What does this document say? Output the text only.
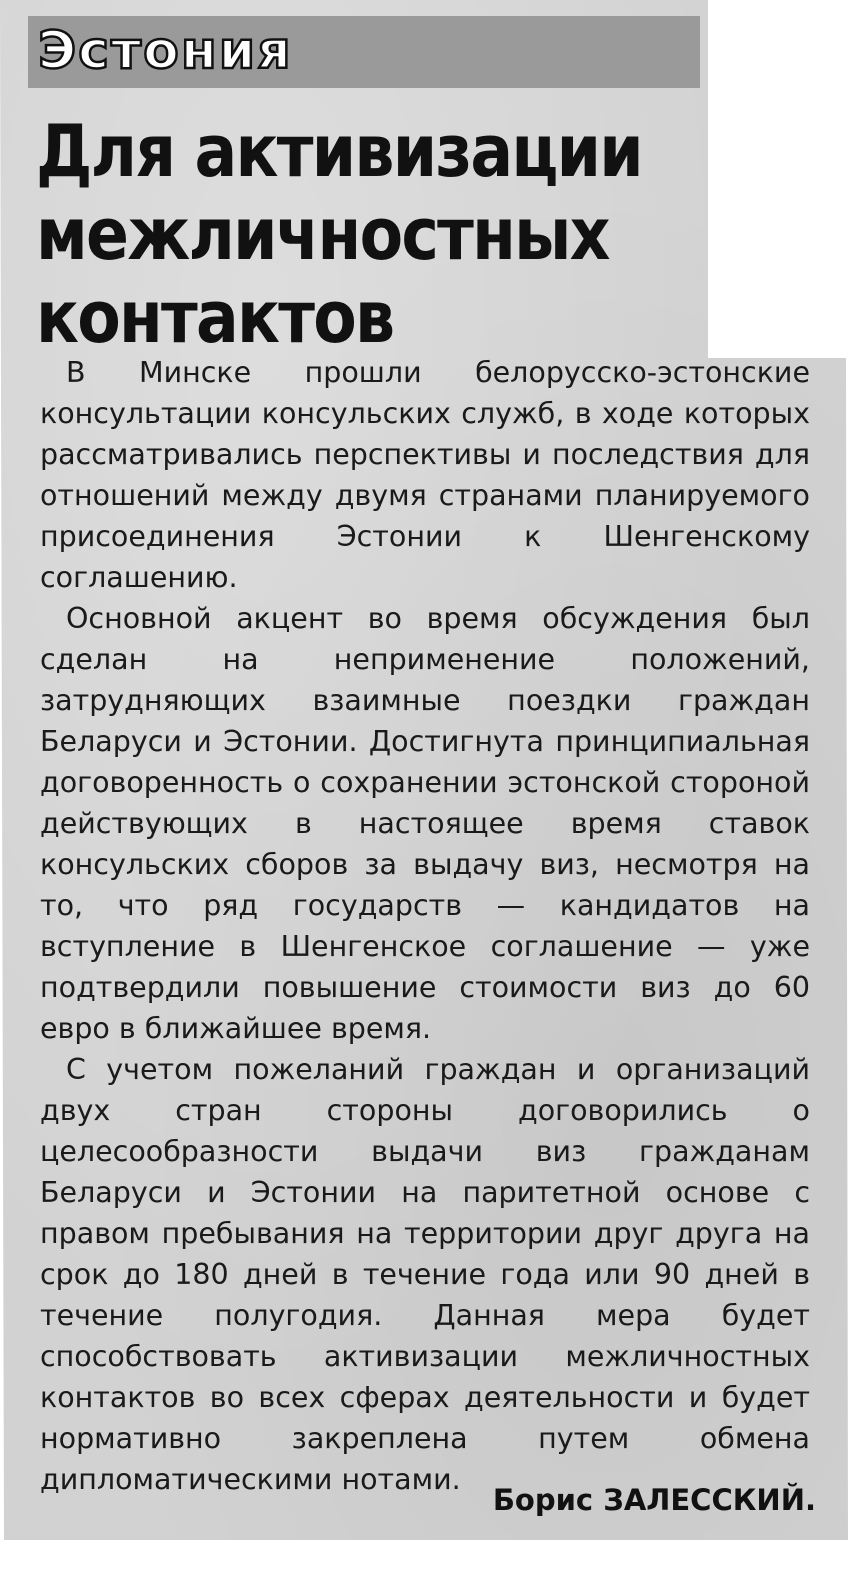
Эстония
Для активизации
межличностных
контактов

В Минске прошли белорусско-эстонские консультации консульских служб, в ходе которых рассматривались перспективы и последствия для отношений между двумя странами планируемого присоединения Эстонии к Шенгенскому соглашению.

Основной акцент во время обсуждения был сделан на неприменение положений, затрудняющих взаимные поездки граждан Беларуси и Эстонии. Достигнута принципиальная договоренность о сохранении эстонской стороной действующих в настоящее время ставок консульских сборов за выдачу виз, несмотря на то, что ряд государств — кандидатов на вступление в Шенгенское соглашение — уже подтвердили повышение стоимости виз до 60 евро в ближайшее время.

С учетом пожеланий граждан и организаций двух стран стороны договорились о целесообразности выдачи виз гражданам Беларуси и Эстонии на паритетной основе с правом пребывания на территории друг друга на срок до 180 дней в течение года или 90 дней в течение полугодия. Данная мера будет способствовать активизации межличностных контактов во всех сферах деятельности и будет нормативно закреплена путем обмена дипломатическими нотами.

Борис ЗАЛЕССКИЙ.
